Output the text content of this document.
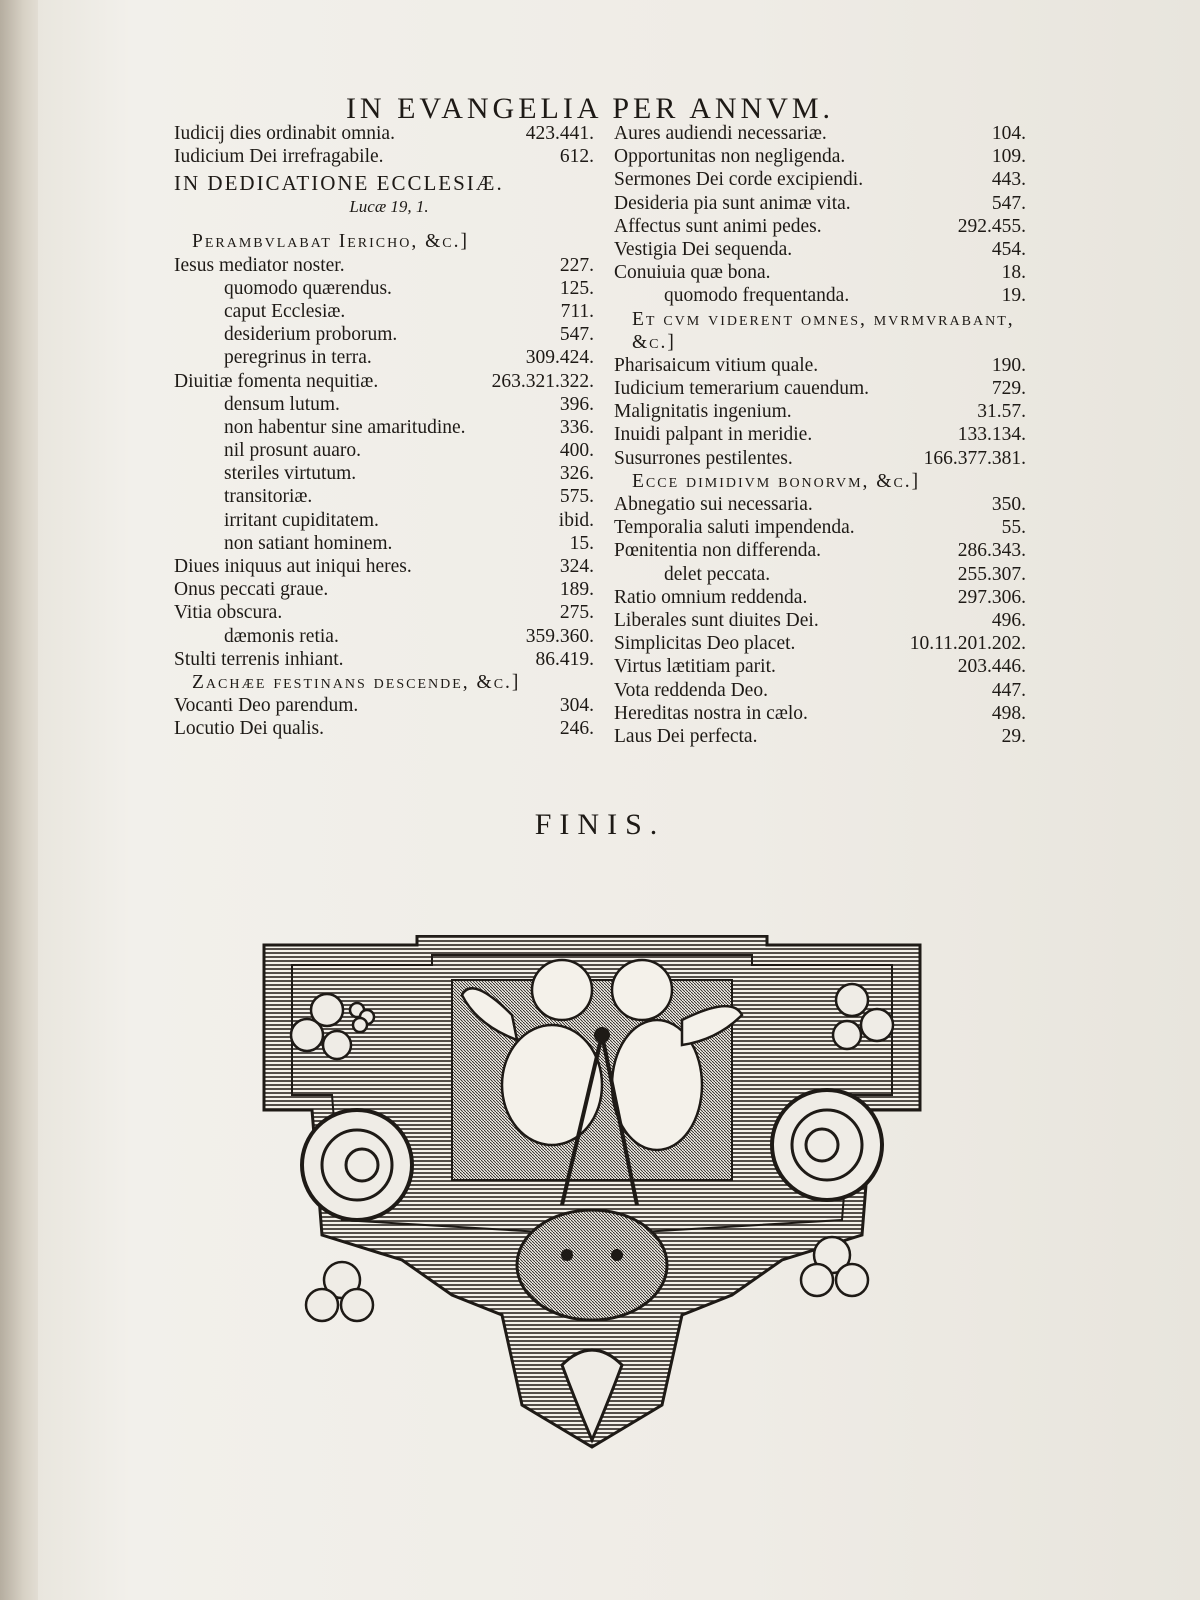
IN EVANGELIA PER ANNVM.
Iudicij dies ordinabit omnia.	423.441.
Iudicium Dei irrefragabile.	612.
IN DEDICATIONE ECCLESIÆ.
Lucæ 19, 1.
Perambvlabat Iericho, &c.]
Iesus mediator noster.	227.
quomodo quærendus.	125.
caput Ecclesiæ.	711.
desiderium proborum.	547.
peregrinus in terra.	309.424.
Diuitiæ fomenta nequitiæ.	263.321.322.
densum lutum.	396.
non habentur sine amaritudine.	336.
nil prosunt auaro.	400.
steriles virtutum.	326.
transitoriæ.	575.
irritant cupiditatem.	ibid.
non satiant hominem.	15.
Diues iniquus aut iniqui heres.	324.
Onus peccati graue.	189.
Vitia obscura.	275.
dæmonis retia.	359.360.
Stulti terrenis inhiant.	86.419.
Zachæe festinans descende, &c.]
Vocanti Deo parendum.	304.
Locutio Dei qualis.	246.
Aures audiendi necessariæ.	104.
Opportunitas non negligenda.	109.
Sermones Dei corde excipiendi.	443.
Desideria pia sunt animæ vita.	547.
Affectus sunt animi pedes.	292.455.
Vestigia Dei sequenda.	454.
Conuiuia quæ bona.	18.
quomodo frequentanda.	19.
Et cvm viderent omnes, mvrmvrabant, &c.]
Pharisaicum vitium quale.	190.
Iudicium temerarium cauendum.	729.
Malignitatis ingenium.	31.57.
Inuidi palpant in meridie.	133.134.
Susurrones pestilentes.	166.377.381.
Ecce dimidivm bonorvm, &c.]
Abnegatio sui necessaria.	350.
Temporalia saluti impendenda.	55.
Pœnitentia non differenda.	286.343.
delet peccata.	255.307.
Ratio omnium reddenda.	297.306.
Liberales sunt diuites Dei.	496.
Simplicitas Deo placet.	10.11.201.202.
Virtus lætitiam parit.	203.446.
Vota reddenda Deo.	447.
Hereditas nostra in cælo.	498.
Laus Dei perfecta.	29.
FINIS.
